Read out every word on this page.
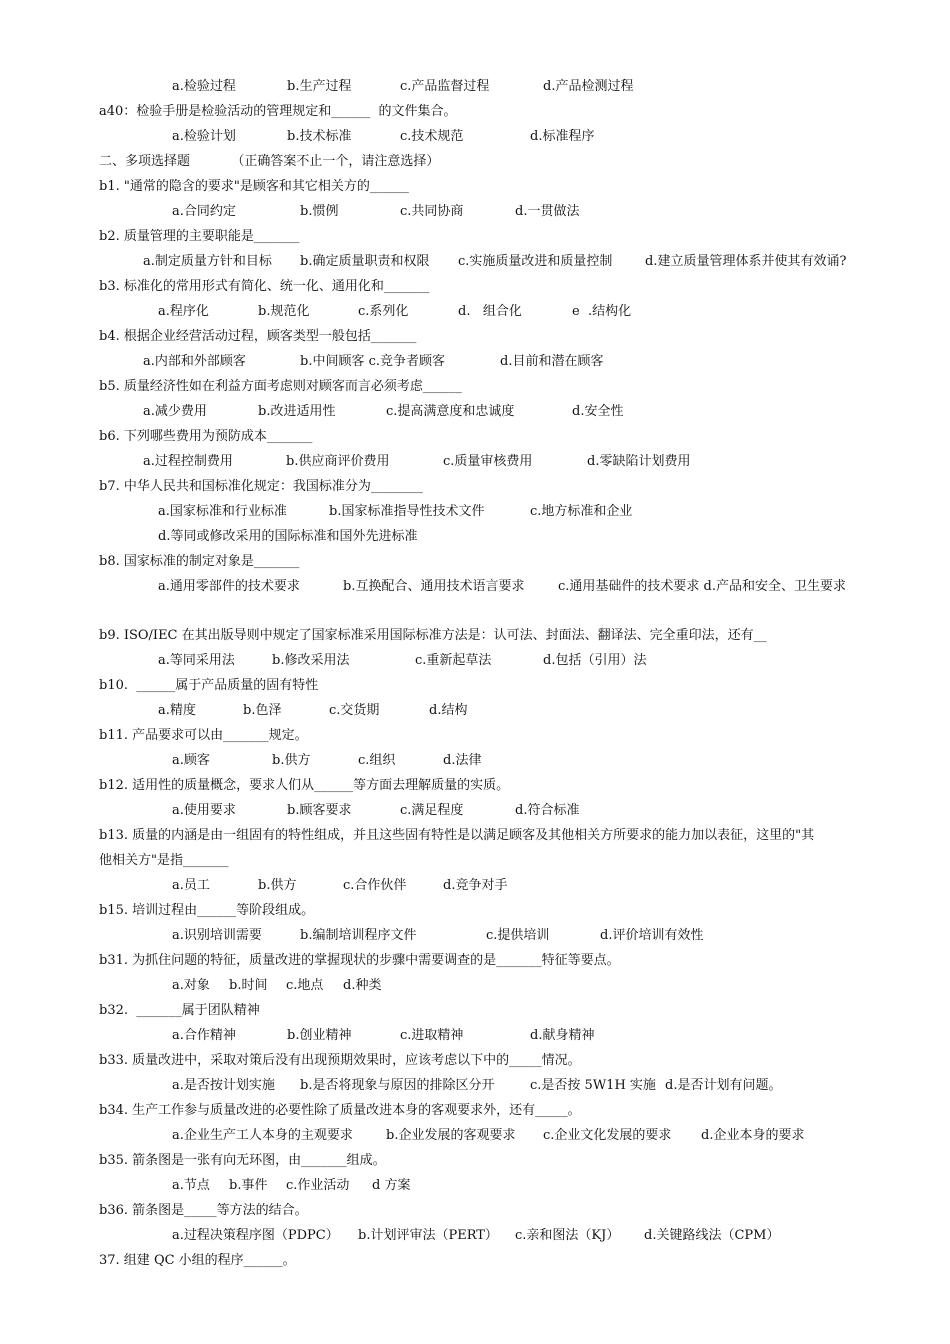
a.检验过程	b.生产过程	c.产品监督过程	d.产品检测过程
a40：检验手册是检验活动的管理规定和______  的文件集合。
a.检验计划	b.技术标准	c.技术规范	d.标准程序
二、多项选择题          （正确答案不止一个，请注意选择）
b1. "通常的隐含的要求"是顾客和其它相关方的______
a.合同约定	b.惯例	c.共同协商	d.一贯做法
b2. 质量管理的主要职能是_______
a.制定质量方针和目标 b.确定质量职责和权限 c.实施质量改进和质量控制	d.建立质量管理体系并使其有效诵?
b3. 标准化的常用形式有简化、统一化、通用化和_______
a.程序化	b.规范化	c.系列化	d.   组合化	e  .结构化
b4. 根据企业经营活动过程，顾客类型一般包括_______
a.内部和外部顾客	b.中间顾客 c.竞争者顾客	d.目前和潜在顾客
b5. 质量经济性如在利益方面考虑则对顾客而言必须考虑______
a.减少费用	b.改进适用性	c.提高满意度和忠诚度	d.安全性
b6. 下列哪些费用为预防成本_______
a.过程控制费用	b.供应商评价费用	c.质量审核费用	d.零缺陷计划费用
b7. 中华人民共和国标准化规定：我国标准分为________
a.国家标准和行业标准	b.国家标准指导性技术文件	c.地方标准和企业
d.等同或修改采用的国际标准和国外先进标准
b8. 国家标准的制定对象是_______
a.通用零部件的技术要求	b.互换配合、通用技术语言要求	c.通用基础件的技术要求 d.产品和安全、卫生要求
b9. ISO/IEC 在其出版导则中规定了国家标准采用国际标准方法是：认可法、封面法、翻译法、完全重印法，还有__
a.等同采用法	b.修改采用法	c.重新起草法	d.包括（引用）法
b10.  ______属于产品质量的固有特性
a.精度	b.色泽	c.交货期	d.结构
b11. 产品要求可以由_______规定。
a.顾客	b.供方	c.组织	d.法律
b12. 适用性的质量概念，要求人们从______等方面去理解质量的实质。
a.使用要求	b.顾客要求	c.满足程度	d.符合标准
b13. 质量的内涵是由一组固有的特性组成，并且这些固有特性是以满足顾客及其他相关方所要求的能力加以表征，这里的"其
他相关方"是指_______
a.员工	b.供方	c.合作伙伴	d.竞争对手
b15. 培训过程由______等阶段组成。
a.识别培训需要	b.编制培训程序文件	c.提供培训	d.评价培训有效性
b31. 为抓住问题的特征，质量改进的掌握现状的步骤中需要调查的是_______特征等要点。
a.对象 b.时间 c.地点 d.种类
b32.  _______属于团队精神
a.合作精神	b.创业精神	c.进取精神	d.献身精神
b33. 质量改进中，采取对策后没有出现预期效果时，应该考虑以下中的_____情况。
a.是否按计划实施 b.是否将现象与原因的排除区分开	c.是否按 5W1H 实施 d.是否计划有问题。
b34. 生产工作参与质量改进的必要性除了质量改进本身的客观要求外，还有_____。
a.企业生产工人本身的主观要求	b.企业发展的客观要求 c.企业文化发展的要求 d.企业本身的要求
b35. 箭条图是一张有向无环图，由_______组成。
a.节点 b.事件 c.作业活动 d 方案
b36. 箭条图是_____等方法的结合。
a.过程决策程序图（PDPC） b.计划评审法（PERT） c.亲和图法（KJ） d.关键路线法（CPM）
37. 组建 QC 小组的程序______。
